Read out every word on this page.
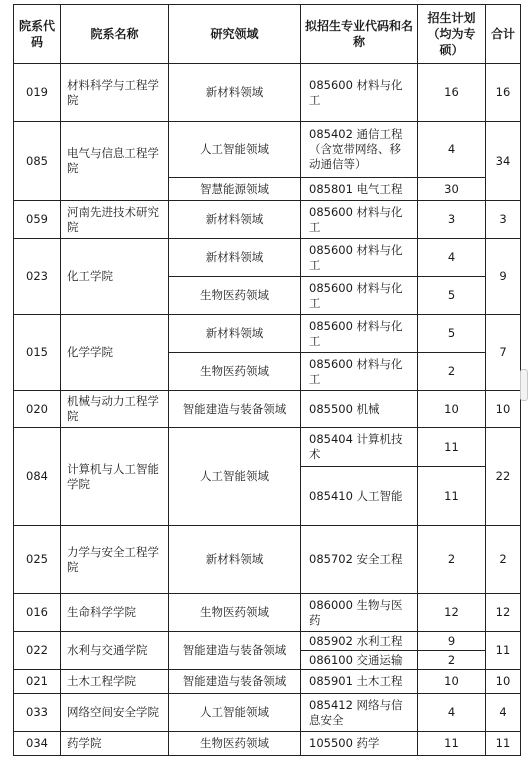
院系代码	院系名称	研究领域	拟招生专业代码和名称	招生计划（均为专硕）	合计
019	材料科学与工程学院	新材料领域	085600 材料与化工	16	16
085	电气与信息工程学院	人工智能领域	085402 通信工程（含宽带网络、移动通信等）	4	34
		智慧能源领域	085801 电气工程	30	
059	河南先进技术研究院	新材料领域	085600 材料与化工	3	3
023	化工学院	新材料领域	085600 材料与化工	4	9
		生物医药领域	085600 材料与化工	5	
015	化学学院	新材料领域	085600 材料与化工	5	7
		生物医药领域	085600 材料与化工	2	
020	机械与动力工程学院	智能建造与装备领域	085500 机械	10	10
084	计算机与人工智能学院	人工智能领域	085404 计算机技术	11	22
			085410 人工智能	11	
025	力学与安全工程学院	新材料领域	085702 安全工程	2	2
016	生命科学学院	生物医药领域	086000 生物与医药	12	12
022	水利与交通学院	智能建造与装备领域	085902 水利工程	9	11
			086100 交通运输	2	
021	土木工程学院	智能建造与装备领域	085901 土木工程	10	10
033	网络空间安全学院	人工智能领域	085412 网络与信息安全	4	4
034	药学院	生物医药领域	105500 药学	11	11
